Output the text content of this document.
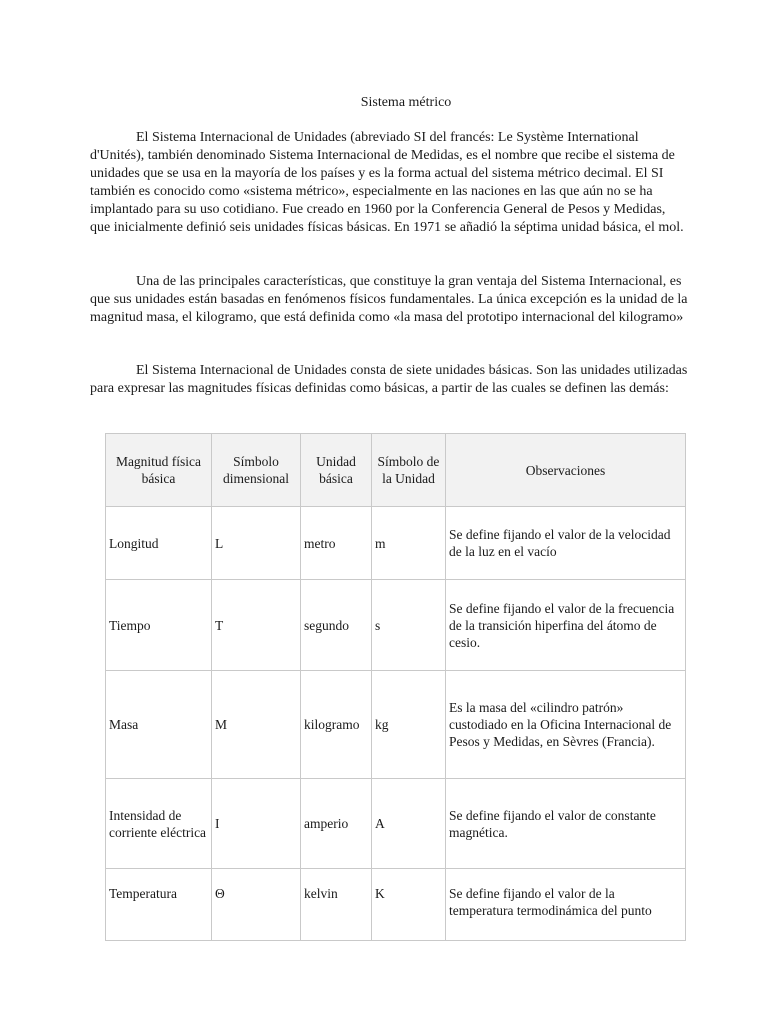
Sistema métrico

El Sistema Internacional de Unidades (abreviado SI del francés: Le Système International d'Unités), también denominado Sistema Internacional de Medidas, es el nombre que recibe el sistema de unidades que se usa en la mayoría de los países y es la forma actual del sistema métrico decimal. El SI también es conocido como «sistema métrico», especialmente en las naciones en las que aún no se ha implantado para su uso cotidiano. Fue creado en 1960 por la Conferencia General de Pesos y Medidas, que inicialmente definió seis unidades físicas básicas. En 1971 se añadió la séptima unidad básica, el mol.

Una de las principales características, que constituye la gran ventaja del Sistema Internacional, es que sus unidades están basadas en fenómenos físicos fundamentales. La única excepción es la unidad de la magnitud masa, el kilogramo, que está definida como «la masa del prototipo internacional del kilogramo»

El Sistema Internacional de Unidades consta de siete unidades básicas. Son las unidades utilizadas para expresar las magnitudes físicas definidas como básicas, a partir de las cuales se definen las demás:

Magnitud física básica	Símbolo dimensional	Unidad básica	Símbolo de la Unidad	Observaciones
Longitud	L	metro	m	Se define fijando el valor de la velocidad de la luz en el vacío
Tiempo	T	segundo	s	Se define fijando el valor de la frecuencia de la transición hiperfina del átomo de cesio.
Masa	M	kilogramo	kg	Es la masa del «cilindro patrón» custodiado en la Oficina Internacional de Pesos y Medidas, en Sèvres (Francia).
Intensidad de corriente eléctrica	I	amperio	A	Se define fijando el valor de constante magnética.
Temperatura	Θ	kelvin	K	Se define fijando el valor de la temperatura termodinámica del punto
